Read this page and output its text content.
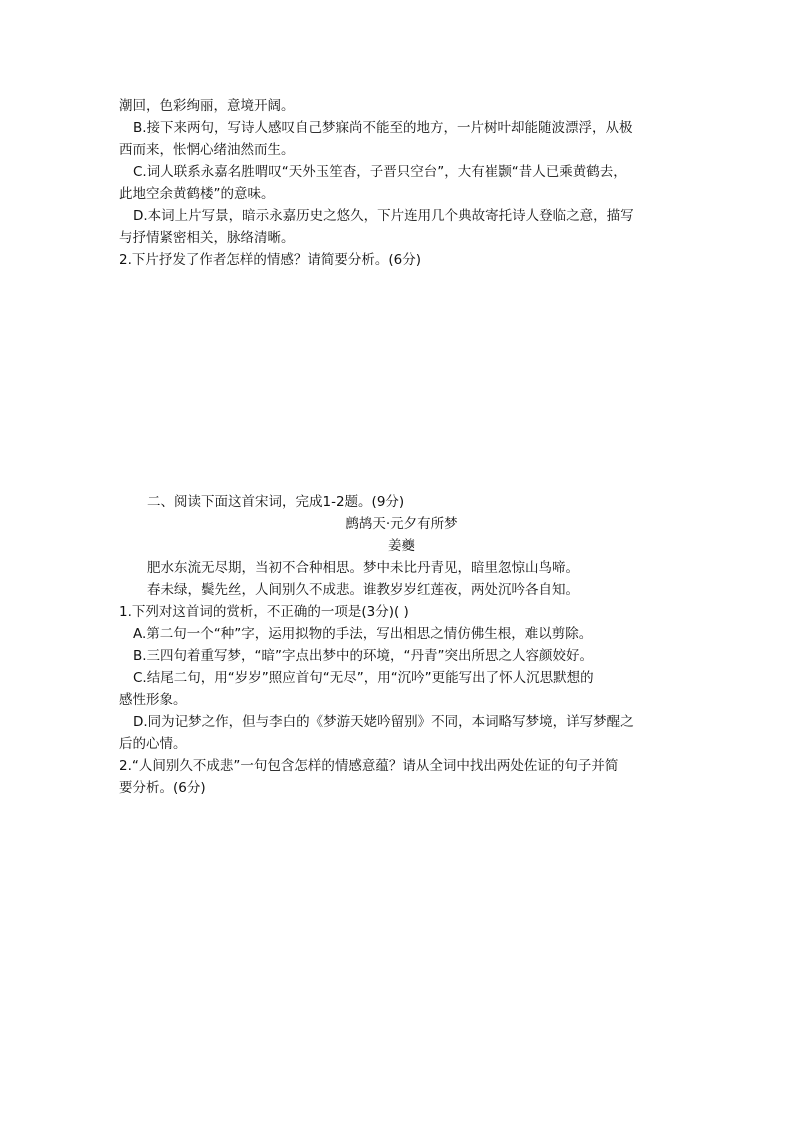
潮回，色彩绚丽，意境开阔。
B.接下来两句，写诗人感叹自己梦寐尚不能至的地方，一片树叶却能随波漂浮，从极
西而来，怅惘心绪油然而生。
C.词人联系永嘉名胜喟叹“天外玉笙杳，子晋只空台”，大有崔颢“昔人已乘黄鹤去，
此地空余黄鹤楼”的意味。
D.本词上片写景，暗示永嘉历史之悠久，下片连用几个典故寄托诗人登临之意，描写
与抒情紧密相关，脉络清晰。
2.下片抒发了作者怎样的情感？请简要分析。(6分)
二、阅读下面这首宋词，完成1-2题。(9分)
鹧鸪天·元夕有所梦
姜夔
肥水东流无尽期，当初不合种相思。梦中未比丹青见，暗里忽惊山鸟啼。
春未绿，鬓先丝，人间别久不成悲。谁教岁岁红莲夜，两处沉吟各自知。
1.下列对这首词的赏析，不正确的一项是(3分)( )
A.第二句一个“种”字，运用拟物的手法，写出相思之情仿佛生根，难以剪除。
B.三四句着重写梦，“暗”字点出梦中的环境，“丹青”突出所思之人容颜姣好。
C.结尾二句，用“岁岁”照应首句“无尽”，用“沉吟”更能写出了怀人沉思默想的
感性形象。
D.同为记梦之作，但与李白的《梦游天姥吟留别》不同，本词略写梦境，详写梦醒之
后的心情。
2.“人间别久不成悲”一句包含怎样的情感意蕴？请从全词中找出两处佐证的句子并简
要分析。(6分)
